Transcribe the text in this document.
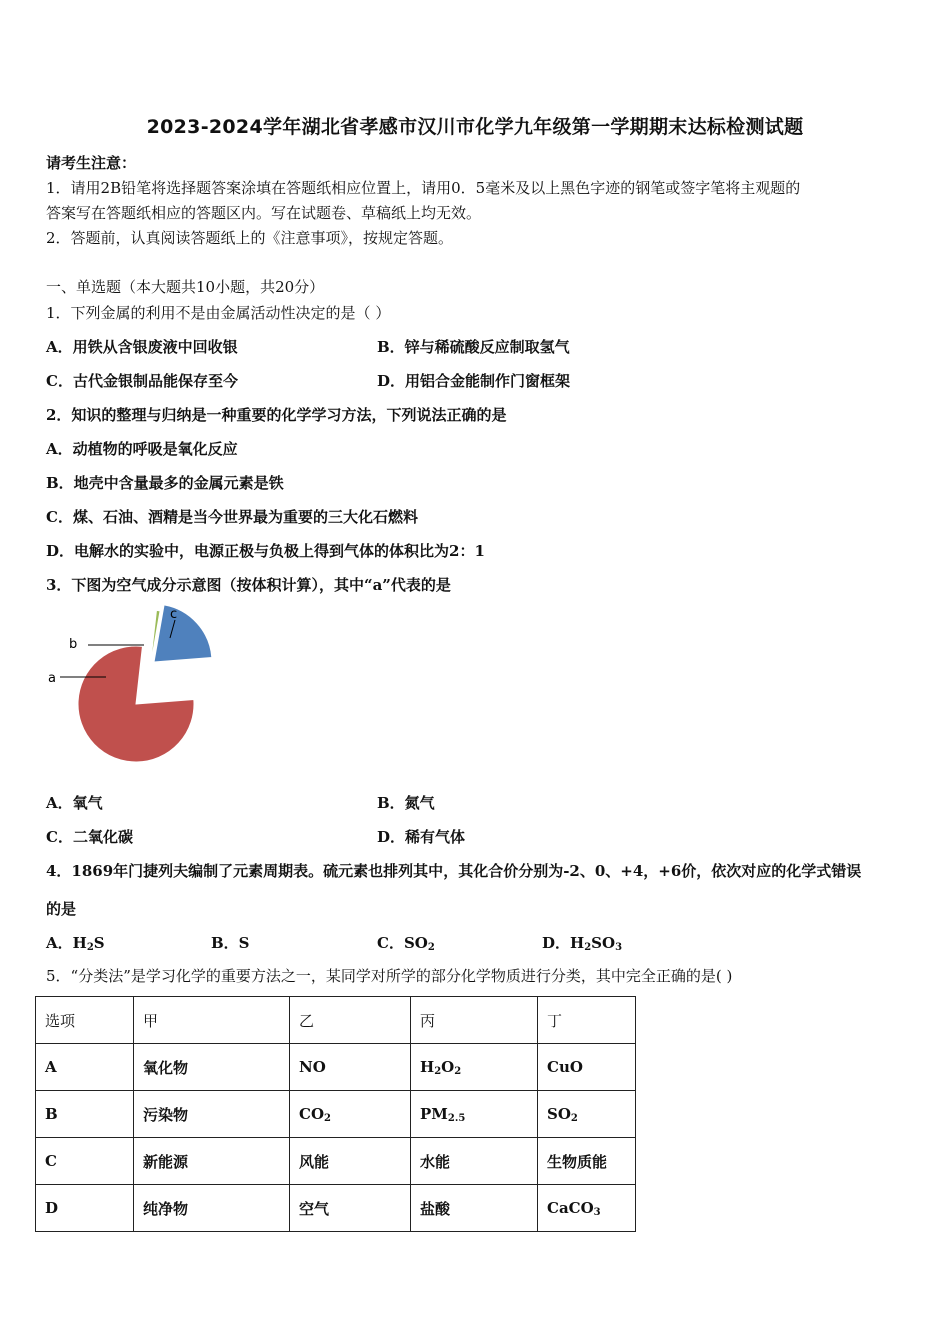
2023-2024学年湖北省孝感市汉川市化学九年级第一学期期末达标检测试题
请考生注意：
1．请用2B铅笔将选择题答案涂填在答题纸相应位置上，请用0．5毫米及以上黑色字迹的钢笔或签字笔将主观题的
答案写在答题纸相应的答题区内。写在试题卷、草稿纸上均无效。
2．答题前，认真阅读答题纸上的《注意事项》，按规定答题。
一、单选题（本大题共10小题，共20分）
1．下列金属的利用不是由金属活动性决定的是（ ）
A．用铁从含银废液中回收银	B．锌与稀硫酸反应制取氢气
C．古代金银制品能保存至今	D．用铝合金能制作门窗框架
2．知识的整理与归纳是一种重要的化学学习方法，下列说法正确的是
A．动植物的呼吸是氧化反应
B．地壳中含量最多的金属元素是铁
C．煤、石油、酒精是当今世界最为重要的三大化石燃料
D．电解水的实验中，电源正极与负极上得到气体的体积比为2：1
3．下图为空气成分示意图（按体积计算），其中“a”代表的是
a
b
c
A．氧气	B．氮气
C．二氧化碳	D．稀有气体
4．1869年门捷列夫编制了元素周期表。硫元素也排列其中，其化合价分别为-2、0、+4，+6价，依次对应的化学式错误
的是
A．$H_2S$	B．S	C．$SO_2$	D．$H_2SO_3$
5．“分类法”是学习化学的重要方法之一，某同学对所学的部分化学物质进行分类，其中完全正确的是( )
选项	甲	乙	丙	丁
A	氧化物	NO	$H_2O_2$	CuO
B	污染物	$CO_2$	$PM_{2.5}$	$SO_2$
C	新能源	风能	水能	生物质能
D	纯净物	空气	盐酸	CaCO$_3$
